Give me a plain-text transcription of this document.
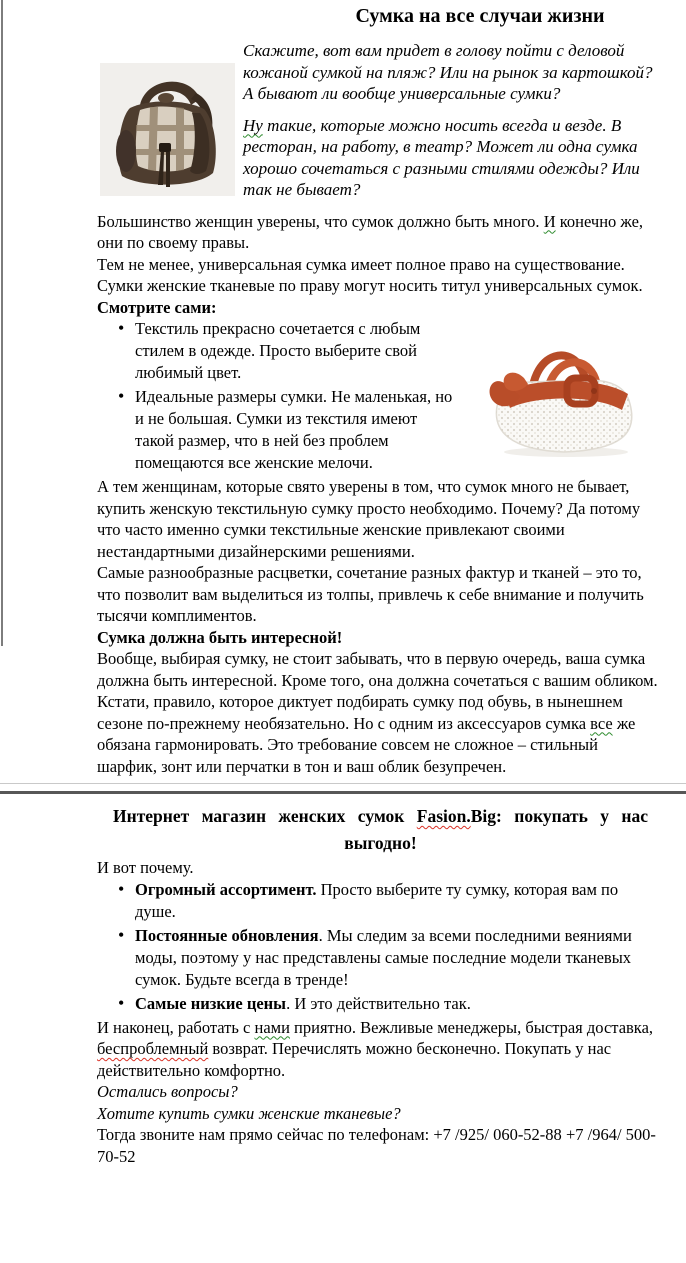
Сумка на все случаи жизни

Скажите, вот вам придет в голову пойти с деловой кожаной сумкой на пляж? Или на рынок за картошкой? А бывают ли вообще универсальные сумки?

Ну такие, которые можно носить всегда и везде. В ресторан, на работу, в театр? Может ли одна сумка хорошо сочетаться с разными стилями одежды? Или так не бывает?

Большинство женщин уверены, что сумок должно быть много. И конечно же, они по своему правы.

Тем не менее, универсальная сумка имеет полное право на существование. Сумки женские тканевые по праву могут носить титул универсальных сумок.

Смотрите сами:

• Текстиль прекрасно сочетается с любым стилем в одежде. Просто выберите свой любимый цвет.
• Идеальные размеры сумки. Не маленькая, но и не большая. Сумки из текстиля имеют такой размер, что в ней без проблем помещаются все женские мелочи.

А тем женщинам, которые свято уверены в том, что сумок много не бывает, купить женскую текстильную сумку просто необходимо. Почему? Да потому что часто именно сумки текстильные женские привлекают своими нестандартными дизайнерскими решениями.

Самые разнообразные расцветки, сочетание разных фактур и тканей – это то, что позволит вам выделиться из толпы, привлечь к себе внимание и получить тысячи комплиментов.

Сумка должна быть интересной!

Вообще, выбирая сумку, не стоит забывать, что в первую очередь, ваша сумка должна быть интересной. Кроме того, она должна сочетаться с вашим обликом. Кстати, правило, которое диктует подбирать сумку под обувь, в нынешнем сезоне по-прежнему необязательно. Но с одним из аксессуаров сумка все же обязана гармонировать. Это требование совсем не сложное – стильный шарфик, зонт или перчатки в тон и ваш облик безупречен.

Интернет магазин женских сумок Fasion.Big: покупать у нас выгодно!

И вот почему.

• Огромный ассортимент. Просто выберите ту сумку, которая вам по душе.
• Постоянные обновления. Мы следим за всеми последними веяниями моды, поэтому у нас представлены самые последние модели тканевых сумок. Будьте всегда в тренде!
• Самые низкие цены. И это действительно так.

И наконец, работать с нами приятно. Вежливые менеджеры, быстрая доставка, беспроблемный возврат. Перечислять можно бесконечно. Покупать у нас действительно комфортно.

Остались вопросы?

Хотите купить сумки женские тканевые?

Тогда звоните нам прямо сейчас по телефонам: +7 /925/ 060-52-88 +7 /964/ 500-70-52
